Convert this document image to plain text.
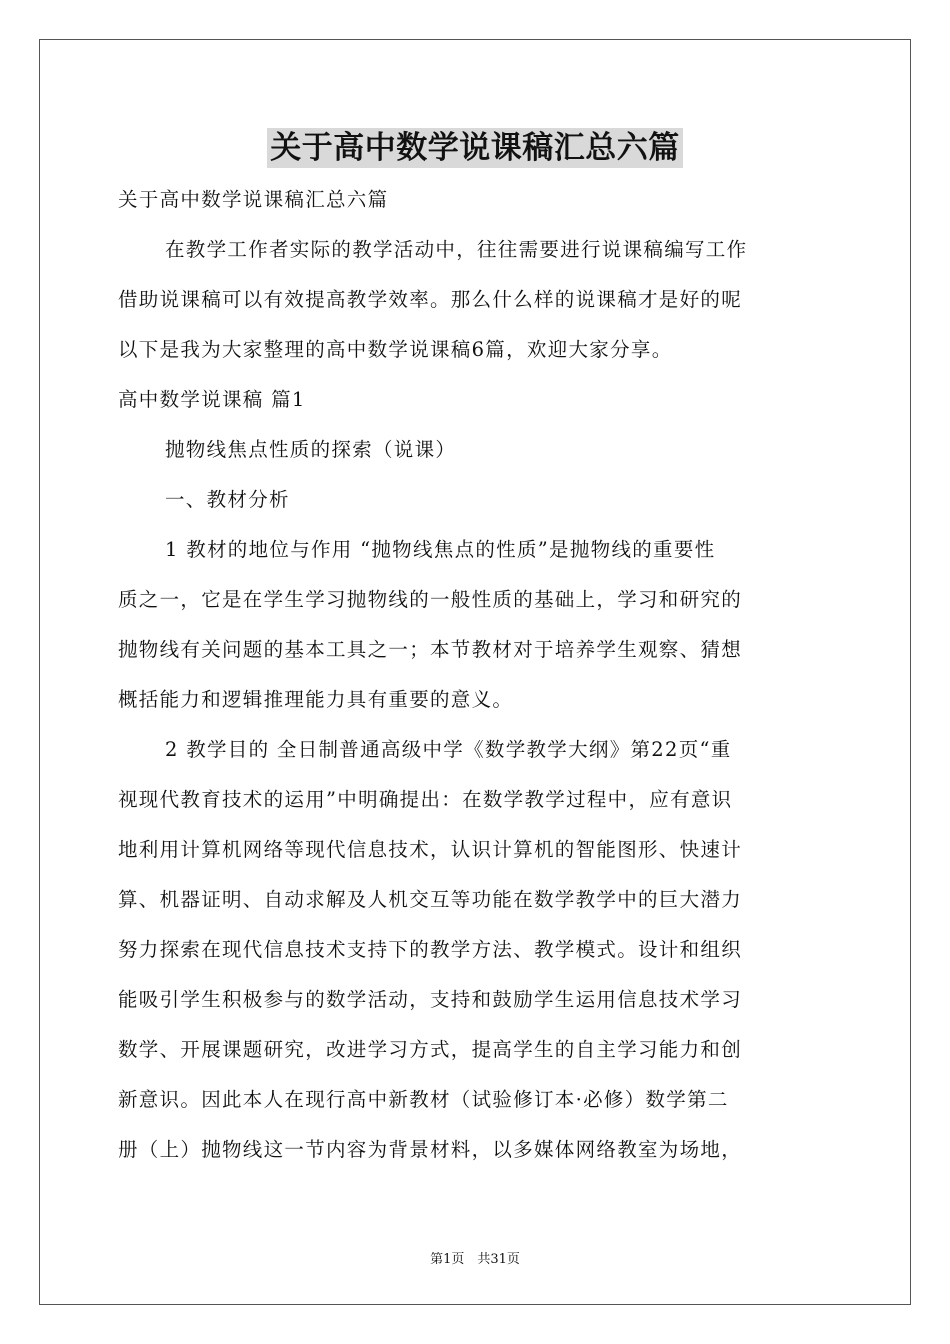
关于高中数学说课稿汇总六篇
关于高中数学说课稿汇总六篇
在教学工作者实际的教学活动中，往往需要进行说课稿编写工作
借助说课稿可以有效提高教学效率。那么什么样的说课稿才是好的呢
以下是我为大家整理的高中数学说课稿6篇，欢迎大家分享。
高中数学说课稿 篇1
抛物线焦点性质的探索（说课）
一、教材分析
1 教材的地位与作用 “抛物线焦点的性质”是抛物线的重要性
质之一，它是在学生学习抛物线的一般性质的基础上，学习和研究的
抛物线有关问题的基本工具之一；本节教材对于培养学生观察、猜想
概括能力和逻辑推理能力具有重要的意义。
2 教学目的 全日制普通高级中学《数学教学大纲》第22页“重
视现代教育技术的运用”中明确提出：在数学教学过程中，应有意识
地利用计算机网络等现代信息技术，认识计算机的智能图形、快速计
算、机器证明、自动求解及人机交互等功能在数学教学中的巨大潜力
努力探索在现代信息技术支持下的教学方法、教学模式。设计和组织
能吸引学生积极参与的数学活动，支持和鼓励学生运用信息技术学习
数学、开展课题研究，改进学习方式，提高学生的自主学习能力和创
新意识。因此本人在现行高中新教材（试验修订本·必修）数学第二
册（上）抛物线这一节内容为背景材料，以多媒体网络教室为场地，
第1页　共31页
